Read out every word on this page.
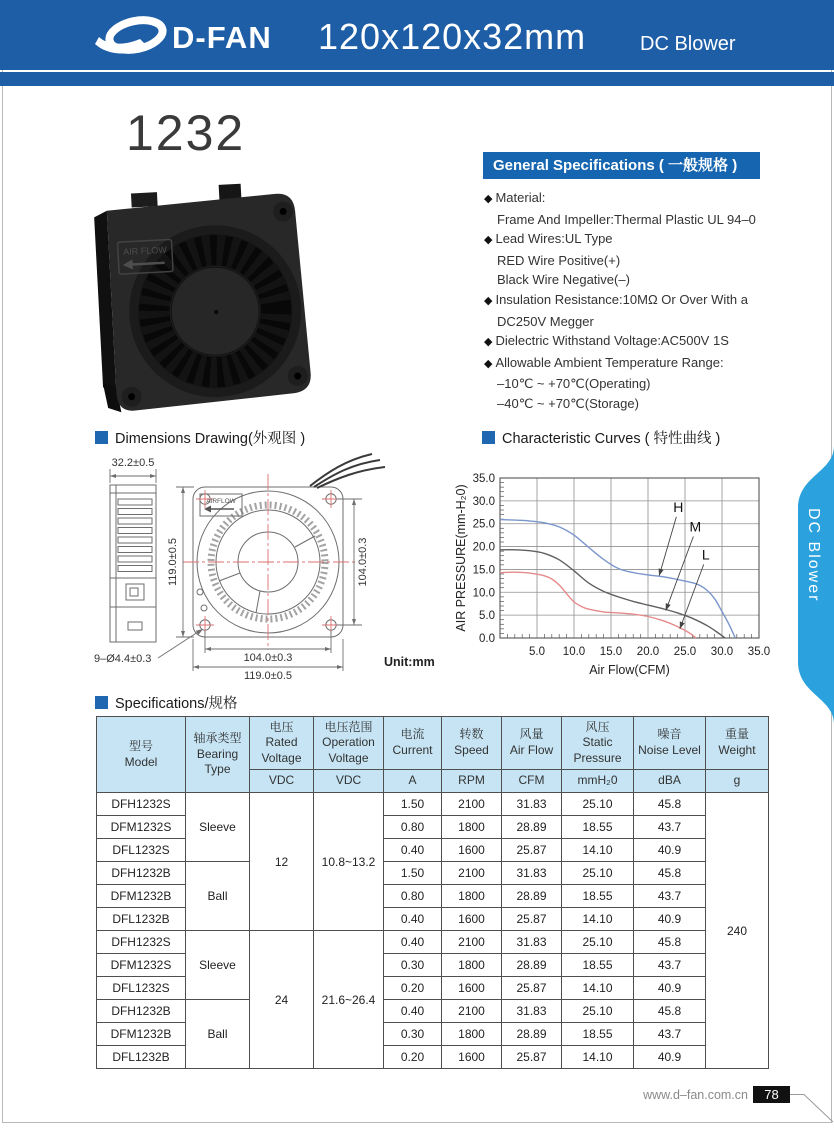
D-FAN 120x120x32mm	DC Blower
1232
AIR FLOW
General Specifications ( 一般规格 )
◆ Material:
Frame And Impeller:Thermal Plastic UL 94–0
◆ Lead Wires:UL Type
RED Wire Positive(+)
Black Wire Negative(–)
◆ Insulation Resistance:10MΩ Or Over With a
DC250V Megger
◆ Dielectric Withstand Voltage:AC500V 1S
◆ Allowable Ambient Temperature Range:
–10℃ ~ +70℃(Operating)
–40℃ ~ +70℃(Storage)
Dimensions Drawing(外观图 )
32.2±0.5
119.0±0.5	104.0±0.3
104.0±0.3
119.0±0.5
9–Ø4.4±0.3	Unit:mm
AIRFLOW
Characteristic Curves ( 特性曲线 )
5.0 10.0 15.0 20.0 25.0 30.0 35.0
0.0
5.0
10.0
15.0
20.0
25.0
30.0
35.0
Air Flow(CFM)
AIR PRESSURE(mm-H₂0)	H
M
L	DC Blower
Specifications/规格
型号
Model	轴承类型
Bearing
Type	电压
Rated
Voltage	电压范围
Operation
Voltage	电流
Current	转数
Speed	风量
Air Flow	风压
Static
Pressure	噪音
Noise Level	重量
Weight
		VDC	VDC	A	RPM	CFM	mmH₂0	dBA	g
DFH1232S	Sleeve	12	10.8~13.2	1.50	2100	31.83	25.10	45.8	240
DFM1232S				0.80	1800	28.89	18.55	43.7	
DFL1232S				0.40	1600	25.87	14.10	40.9	
DFH1232B	Ball			1.50	2100	31.83	25.10	45.8	
DFM1232B				0.80	1800	28.89	18.55	43.7	
DFL1232B				0.40	1600	25.87	14.10	40.9	
DFH1232S	Sleeve	24	21.6~26.4	0.40	2100	31.83	25.10	45.8	
DFM1232S				0.30	1800	28.89	18.55	43.7	
DFL1232S				0.20	1600	25.87	14.10	40.9	
DFH1232B	Ball			0.40	2100	31.83	25.10	45.8	
DFM1232B				0.30	1800	28.89	18.55	43.7	
DFL1232B				0.20	1600	25.87	14.10	40.9	
www.d–fan.com.cn	78
